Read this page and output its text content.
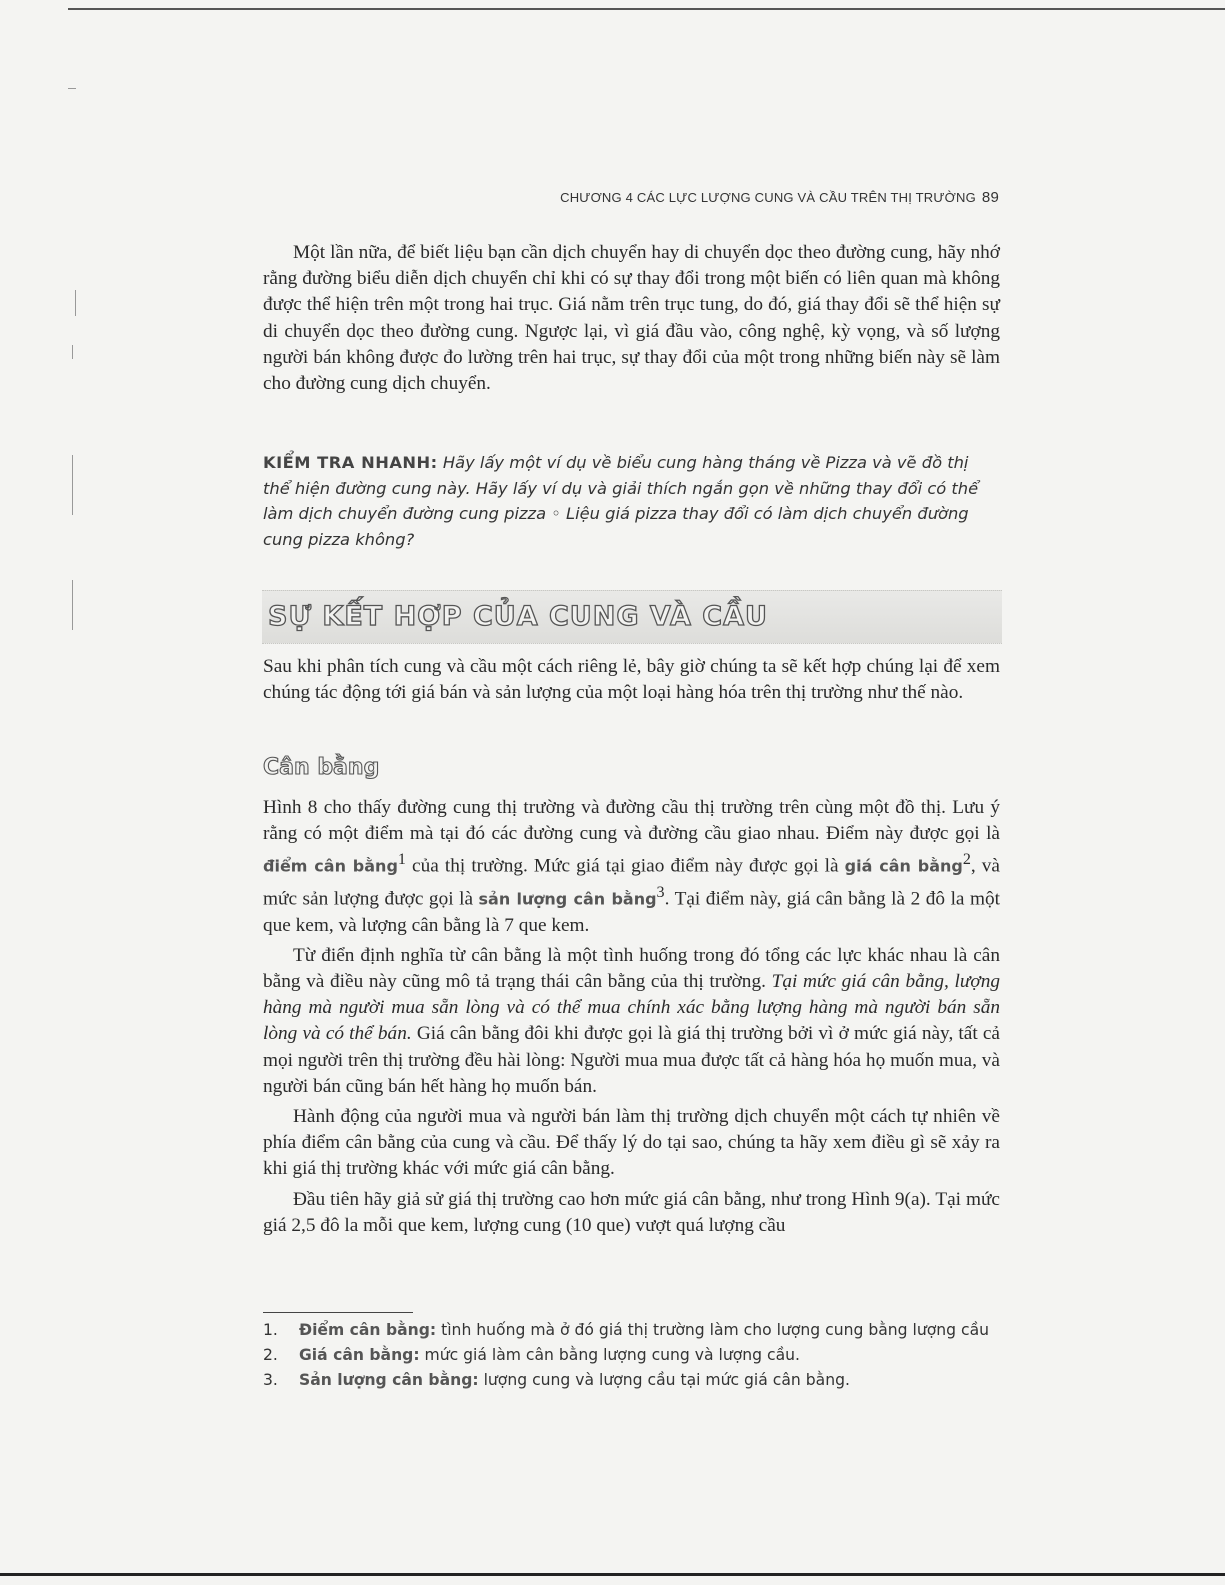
CHƯƠNG 4 CÁC LỰC LƯỢNG CUNG VÀ CẦU TRÊN THỊ TRƯỜNG 89

Một lần nữa, để biết liệu bạn cần dịch chuyển hay di chuyển dọc theo đường cung, hãy nhớ rằng đường biểu diễn dịch chuyển chỉ khi có sự thay đổi trong một biến có liên quan mà không được thể hiện trên một trong hai trục. Giá nằm trên trục tung, do đó, giá thay đổi sẽ thể hiện sự di chuyển dọc theo đường cung. Ngược lại, vì giá đầu vào, công nghệ, kỳ vọng, và số lượng người bán không được đo lường trên hai trục, sự thay đổi của một trong những biến này sẽ làm cho đường cung dịch chuyển.

KIỂM TRA NHANH: Hãy lấy một ví dụ về biểu cung hàng tháng về Pizza và vẽ đồ thị thể hiện đường cung này. Hãy lấy ví dụ và giải thích ngắn gọn về những thay đổi có thể làm dịch chuyển đường cung pizza ◦ Liệu giá pizza thay đổi có làm dịch chuyển đường cung pizza không?
SỰ KẾT HỢP CỦA CUNG VÀ CẦU

Sau khi phân tích cung và cầu một cách riêng lẻ, bây giờ chúng ta sẽ kết hợp chúng lại để xem chúng tác động tới giá bán và sản lượng của một loại hàng hóa trên thị trường như thế nào.

Cân bằng

Hình 8 cho thấy đường cung thị trường và đường cầu thị trường trên cùng một đồ thị. Lưu ý rằng có một điểm mà tại đó các đường cung và đường cầu giao nhau. Điểm này được gọi là điểm cân bằng$^1$ của thị trường. Mức giá tại giao điểm này được gọi là giá cân bằng$^2$, và mức sản lượng được gọi là sản lượng cân bằng$^3$. Tại điểm này, giá cân bằng là 2 đô la một que kem, và lượng cân bằng là 7 que kem.

Từ điển định nghĩa từ cân bằng là một tình huống trong đó tổng các lực khác nhau là cân bằng và điều này cũng mô tả trạng thái cân bằng của thị trường. Tại mức giá cân bằng, lượng hàng mà người mua sẵn lòng và có thể mua chính xác bằng lượng hàng mà người bán sẵn lòng và có thể bán. Giá cân bằng đôi khi được gọi là giá thị trường bởi vì ở mức giá này, tất cả mọi người trên thị trường đều hài lòng: Người mua mua được tất cả hàng hóa họ muốn mua, và người bán cũng bán hết hàng họ muốn bán.

Hành động của người mua và người bán làm thị trường dịch chuyển một cách tự nhiên về phía điểm cân bằng của cung và cầu. Để thấy lý do tại sao, chúng ta hãy xem điều gì sẽ xảy ra khi giá thị trường khác với mức giá cân bằng.

Đầu tiên hãy giả sử giá thị trường cao hơn mức giá cân bằng, như trong Hình 9(a). Tại mức giá 2,5 đô la mỗi que kem, lượng cung (10 que) vượt quá lượng cầu

1.	Điểm cân bằng: tình huống mà ở đó giá thị trường làm cho lượng cung bằng lượng cầu
2.	Giá cân bằng: mức giá làm cân bằng lượng cung và lượng cầu.
3.	Sản lượng cân bằng: lượng cung và lượng cầu tại mức giá cân bằng.
